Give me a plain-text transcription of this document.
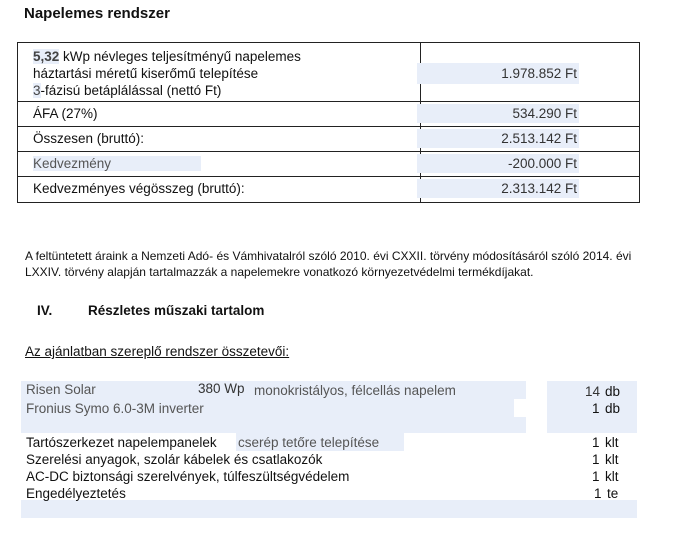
Napelemes rendszer
5,32 kWp névleges teljesítményű napelemes
háztartási méretű kiserőmű telepítése
3-fázisú betáplálással (nettó Ft)
1.978.852 Ft
ÁFA (27%)	534.290 Ft
Összesen (bruttó):	2.513.142 Ft
Kedvezmény	-200.000 Ft
Kedvezményes végösszeg (bruttó):	2.313.142 Ft
A feltüntetett áraink a Nemzeti Adó- és Vámhivatalról szóló 2010. évi CXXII. törvény módosításáról szóló 2014. évi LXXIV. törvény alapján tartalmazzák a napelemekre vonatkozó környezetvédelmi termékdíjakat.
IV.	Részletes műszaki tartalom
Az ajánlatban szereplő rendszer összetevői:
Risen Solar	380 Wp monokristályos, félcellás napelem	14 db
Fronius Symo 6.0-3M inverter	1 db
Tartószerkezet napelempanelek cserép tetőre telepítése	1 klt
Szerelési anyagok, szolár kábelek és csatlakozók	1 klt
AC-DC biztonsági szerelvények, túlfeszültségvédelem	1 klt
Engedélyeztetés	1 te
